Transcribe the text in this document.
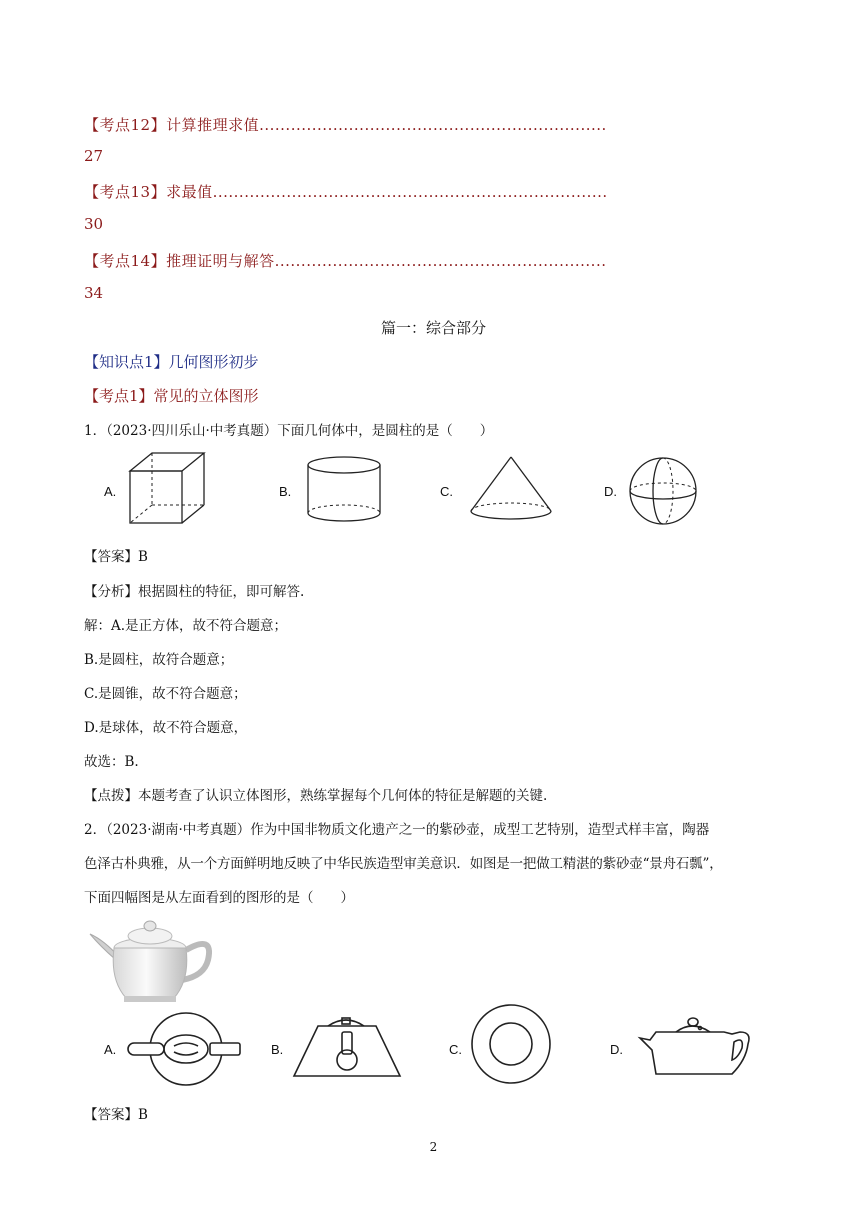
【考点12】计算推理求值..................................................................
27
【考点13】求最值...........................................................................
30
【考点14】推理证明与解答...............................................................
34
篇一：综合部分
【知识点1】几何图形初步
【考点1】常见的立体图形
1．（2023·四川乐山·中考真题）下面几何体中，是圆柱的是（　　）
A.	B.	C.	D.
【答案】B
【分析】根据圆柱的特征，即可解答.
解：A.是正方体，故不符合题意；
B.是圆柱，故符合题意；
C.是圆锥，故不符合题意；
D.是球体，故不符合题意，
故选：B.
【点拨】本题考查了认识立体图形，熟练掌握每个几何体的特征是解题的关键.
2．（2023·湖南·中考真题）作为中国非物质文化遗产之一的紫砂壶，成型工艺特别，造型式样丰富，陶器
色泽古朴典雅，从一个方面鲜明地反映了中华民族造型审美意识．如图是一把做工精湛的紫砂壶“景舟石瓢”，
下面四幅图是从左面看到的图形的是（　　）
A.	B.	C.	D.
【答案】B
2
